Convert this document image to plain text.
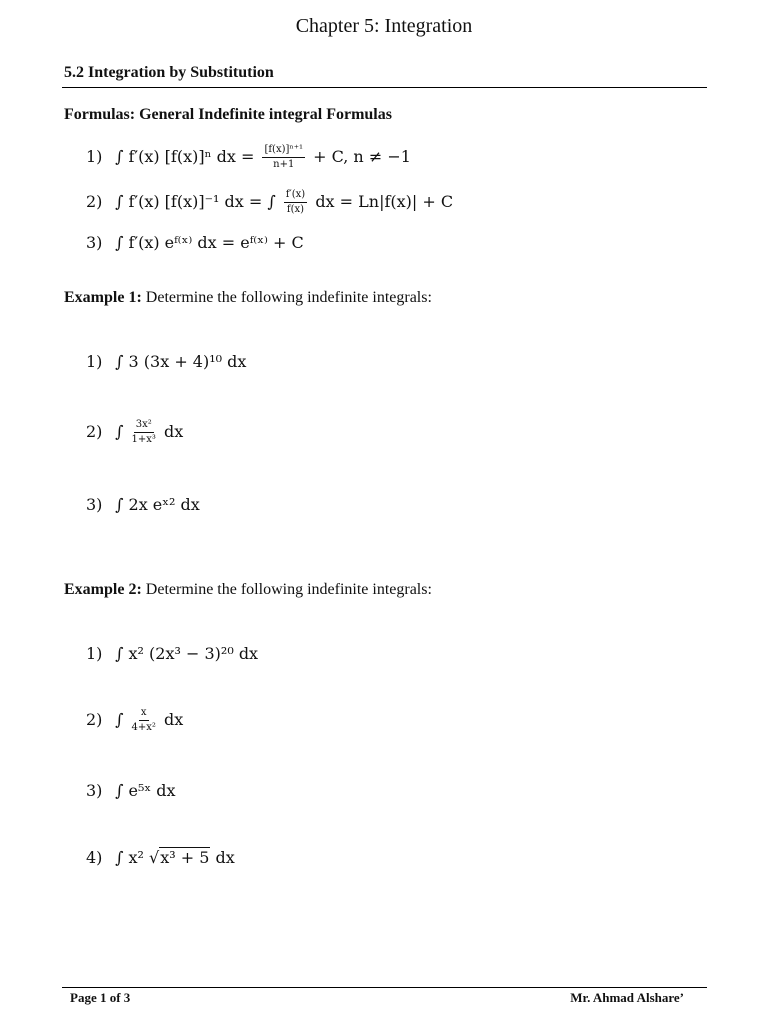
Chapter 5: Integration
5.2 Integration by Substitution
Formulas: General Indefinite integral Formulas
1) ∫ f′(x) [f(x)]ⁿ dx = $\frac{\text{[f(x)]ⁿ⁺¹}}{n+1} + C$, n ≠ −1
2) ∫ f′(x) [f(x)]⁻¹ dx = ∫ $\frac{f'(x)}{f(x)}$ dx = Ln|f(x)| + C
3) ∫ f′(x) eᶠ⁽ˣ⁾ dx = eᶠ⁽ˣ⁾ + C
Example 1: Determine the following indefinite integrals:
1) ∫ 3 (3x + 4)¹⁰ dx
2) ∫ $\frac{\text{3x²}}{\text{1+x³}}$ dx
3) ∫ 2x eˣ² dx
Example 2: Determine the following indefinite integrals:
1) ∫ x² (2x³ − 3)²⁰ dx
2) ∫ $\frac{x}{\text{4+x²}}$ dx
3) ∫ e⁵ˣ dx
4) ∫ x² √x³ + 5 dx
Page 1 of 3	Mr. Ahmad Alshare’
